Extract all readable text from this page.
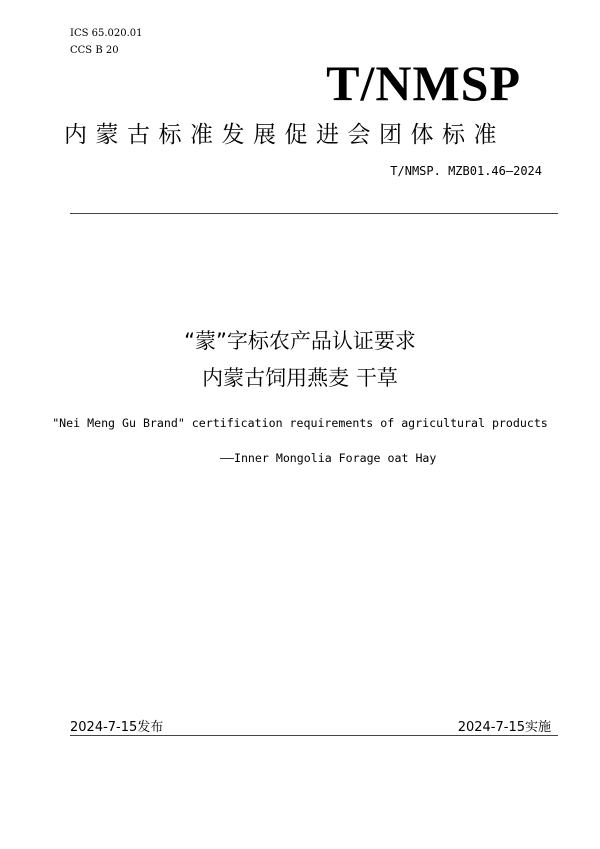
ICS 65.020.01
CCS B 20
T/NMSP
内蒙古标准发展促进会团体标准
T/NMSP. MZB01.46—2024
“蒙”字标农产品认证要求
内蒙古饲用燕麦 干草
"Nei Meng Gu Brand" certification requirements of agricultural products
——Inner Mongolia Forage oat Hay
2024-7-15发布	2024-7-15实施
